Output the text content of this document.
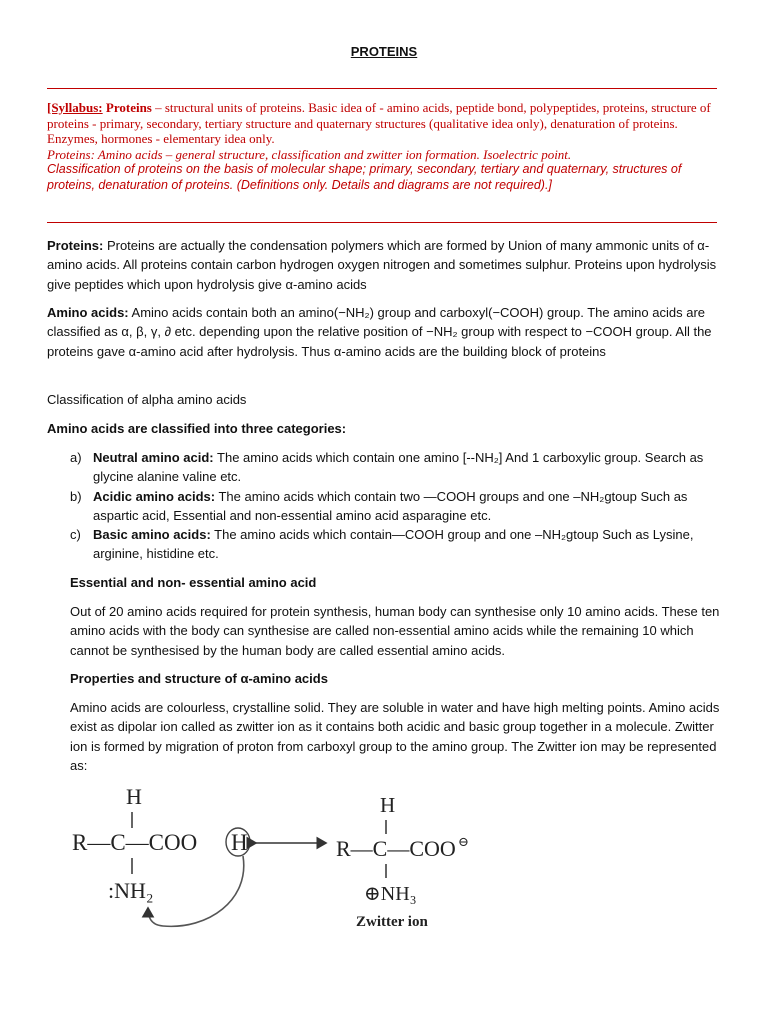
PROTEINS
[Syllabus: Proteins – structural units of proteins. Basic idea of - amino acids, peptide bond, polypeptides, proteins, structure of proteins - primary, secondary, tertiary structure and quaternary structures (qualitative idea only), denaturation of proteins. Enzymes, hormones - elementary idea only.
Proteins: Amino acids – general structure, classification and zwitter ion formation. Isoelectric point.
Classification of proteins on the basis of molecular shape; primary, secondary, tertiary and quaternary, structures of proteins, denaturation of proteins. (Definitions only. Details and diagrams are not required).]
Proteins: Proteins are actually the condensation polymers which are formed by Union of many ammonic units of α-amino acids. All proteins contain carbon hydrogen oxygen nitrogen and sometimes sulphur. Proteins upon hydrolysis give peptides which upon hydrolysis give α-amino acids
Amino acids: Amino acids contain both an amino(−NH₂) group and carboxyl(−COOH) group. The amino acids are classified as α, β, γ, ∂ etc. depending upon the relative position of −NH₂ group with respect to −COOH group. All the proteins gave α-amino acid after hydrolysis. Thus α-amino acids are the building block of proteins
Classification of alpha amino acids
Amino acids are classified into three categories:
a) Neutral amino acid: The amino acids which contain one amino [--NH₂] And 1 carboxylic group. Search as glycine alanine valine etc.
b) Acidic amino acids: The amino acids which contain two —COOH groups and one –NH₂gtoup Such as aspartic acid, Essential and non-essential amino acid asparagine etc.
c) Basic amino acids: The amino acids which contain—COOH group and one –NH₂gtoup Such as Lysine, arginine, histidine etc.
Essential and non- essential amino acid
Out of 20 amino acids required for protein synthesis, human body can synthesise only 10 amino acids. These ten amino acids with the body can synthesise are called non-essential amino acids while the remaining 10 which cannot be synthesised by the human body are called essential amino acids.
Properties and structure of α-amino acids
Amino acids are colourless, crystalline solid. They are soluble in water and have high melting points. Amino acids exist as dipolar ion called as zwitter ion as it contains both acidic and basic group together in a molecule. Zwitter ion is formed by migration of proton from carboxyl group to the amino group. The Zwitter ion may be represented as:
H
R—C—COO H
:NH₂
H
R—C—COO ⊖
⊕NH₃
Zwitter ion
